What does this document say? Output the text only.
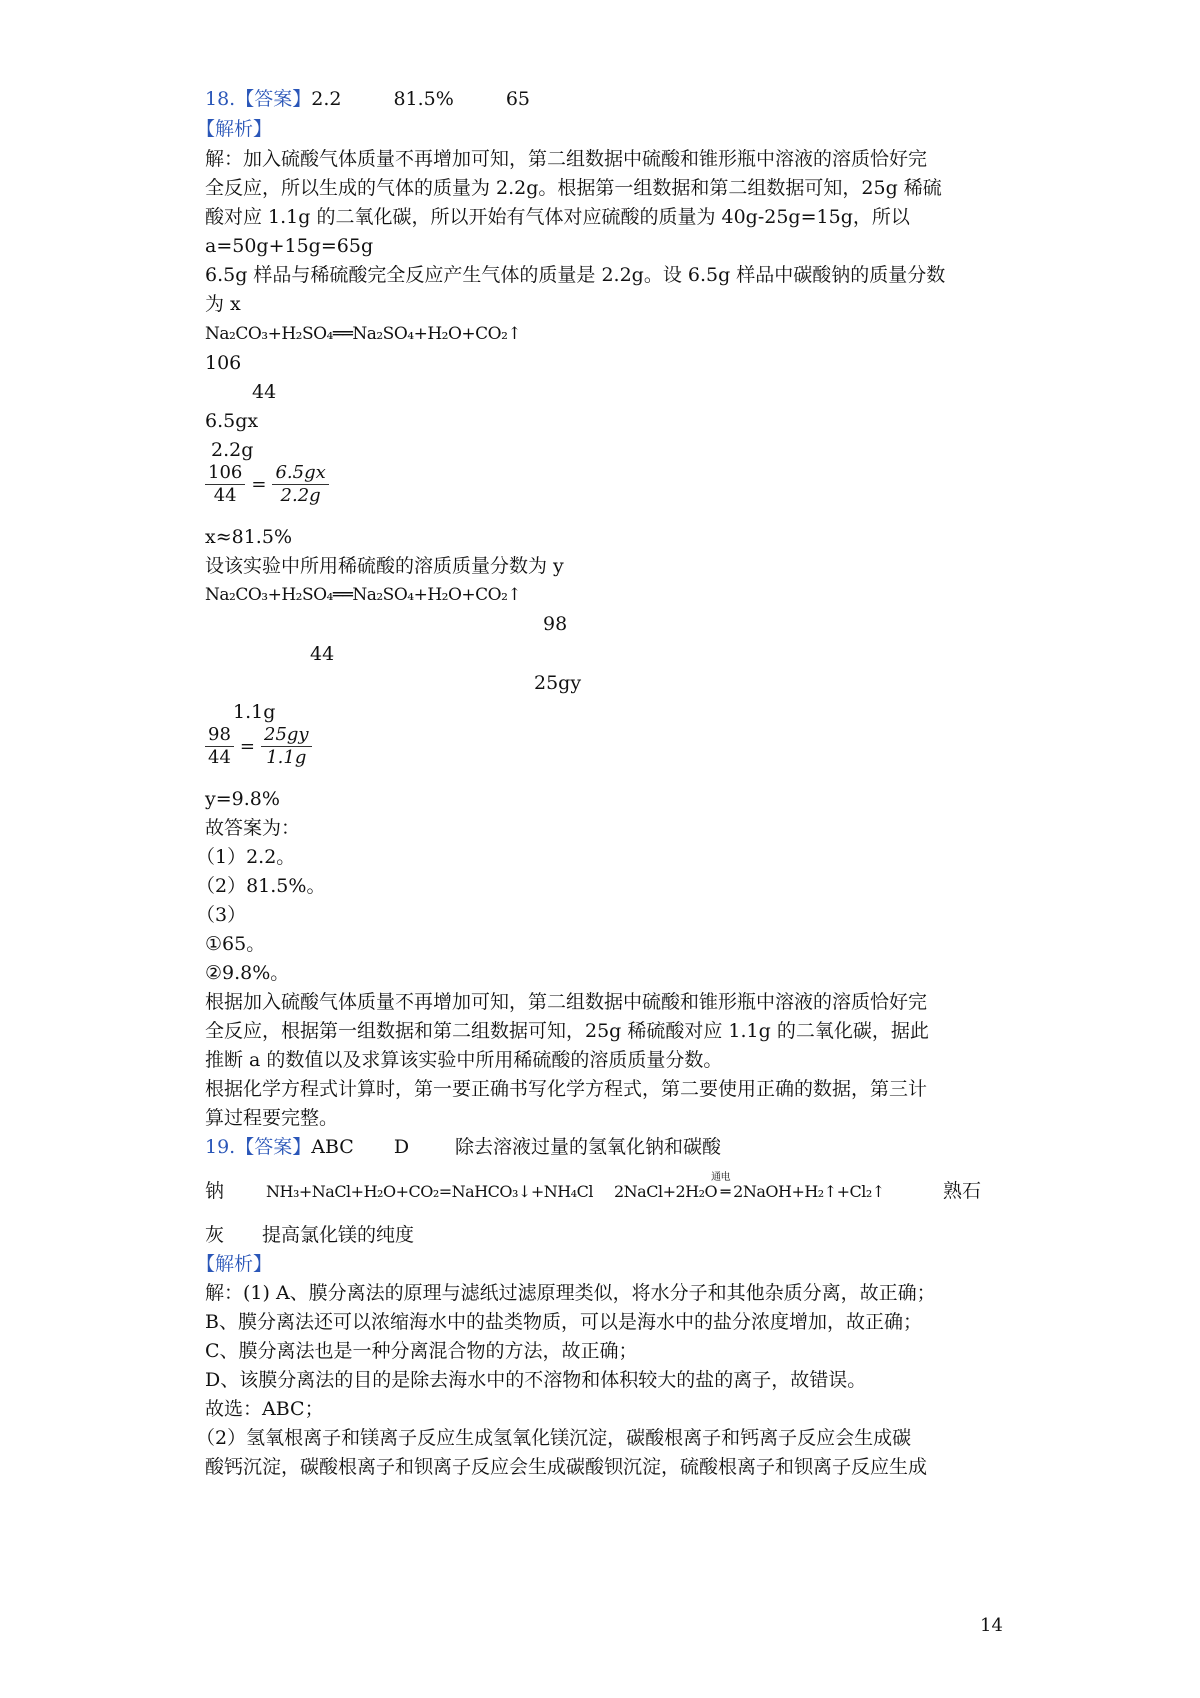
18.【答案】2.2	81.5%	65
【解析】
解：加入硫酸气体质量不再增加可知，第二组数据中硫酸和锥形瓶中溶液的溶质恰好完
全反应，所以生成的气体的质量为 2.2g。根据第一组数据和第二组数据可知，25g 稀硫
酸对应 1.1g 的二氧化碳，所以开始有气体对应硫酸的质量为 40g-25g=15g，所以
a=50g+15g=65g
6.5g 样品与稀硫酸完全反应产生气体的质量是 2.2g。设 6.5g 样品中碳酸钠的质量分数
为 x
Na₂CO₃+H₂SO₄══Na₂SO₄+H₂O+CO₂↑
106
44
6.5gx
2.2g
106
44
=
6.5gx
2.2g
x≈81.5%
设该实验中所用稀硫酸的溶质质量分数为 y
Na₂CO₃+H₂SO₄══Na₂SO₄+H₂O+CO₂↑
98
44
25gy
1.1g
98
44
=
25gy
1.1g
y=9.8%
故答案为：
（1）2.2。
（2）81.5%。
（3）
①65。
②9.8%。
根据加入硫酸气体质量不再增加可知，第二组数据中硫酸和锥形瓶中溶液的溶质恰好完
全反应，根据第一组数据和第二组数据可知，25g 稀硫酸对应 1.1g 的二氧化碳，据此
推断 a 的数值以及求算该实验中所用稀硫酸的溶质质量分数。
根据化学方程式计算时，第一要正确书写化学方程式，第二要使用正确的数据，第三计
算过程要完整。
19.【答案】ABC D 除去溶液过量的氢氧化钠和碳酸
钠	NH₃+NaCl+H₂O+CO₂=NaHCO₃↓+NH₄Cl 2NaCl+2H₂O
通电
═ 2NaOH+H₂↑+Cl₂↑	熟石
灰 提高氯化镁的纯度
【解析】
解：(1) A、膜分离法的原理与滤纸过滤原理类似，将水分子和其他杂质分离，故正确；
B、膜分离法还可以浓缩海水中的盐类物质，可以是海水中的盐分浓度增加，故正确；
C、膜分离法也是一种分离混合物的方法，故正确；
D、该膜分离法的目的是除去海水中的不溶物和体积较大的盐的离子，故错误。
故选：ABC；
（2）氢氧根离子和镁离子反应生成氢氧化镁沉淀，碳酸根离子和钙离子反应会生成碳
酸钙沉淀，碳酸根离子和钡离子反应会生成碳酸钡沉淀，硫酸根离子和钡离子反应生成
14
